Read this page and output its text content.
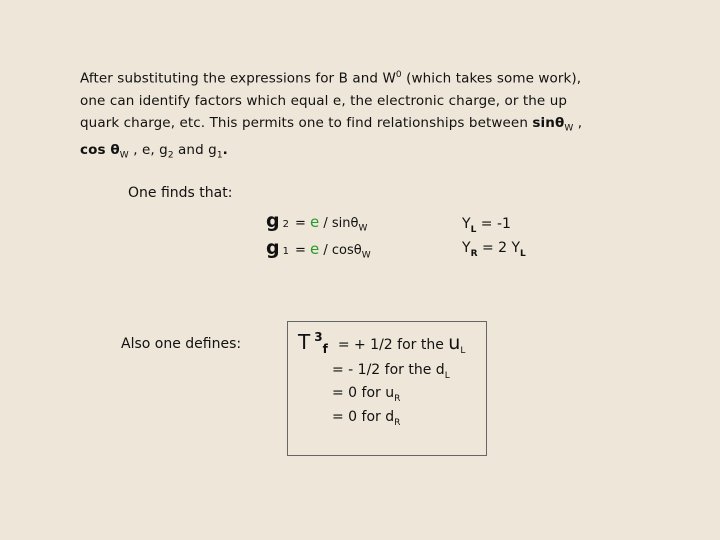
After substituting the expressions for B and $W^0$ (which takes some work),
one can identify factors which equal e, the electronic charge, or the up
quark charge, etc. This permits one to find relationships between sinθ$_W$ ,
$\cos \theta_W$ , e, $g_2$ and $g_1$.
One finds that:
g 2 = e / sinθ$_W$
g 1 = e / cosθ$_W$
$Y_L = -1$
$Y_R = 2$ $Y_L$
Also one defines:	T 3f = + 1/2 for the $u_L$
= - 1/2 for the $d_L$
= 0 for $u_R$
= 0 for $d_R$
